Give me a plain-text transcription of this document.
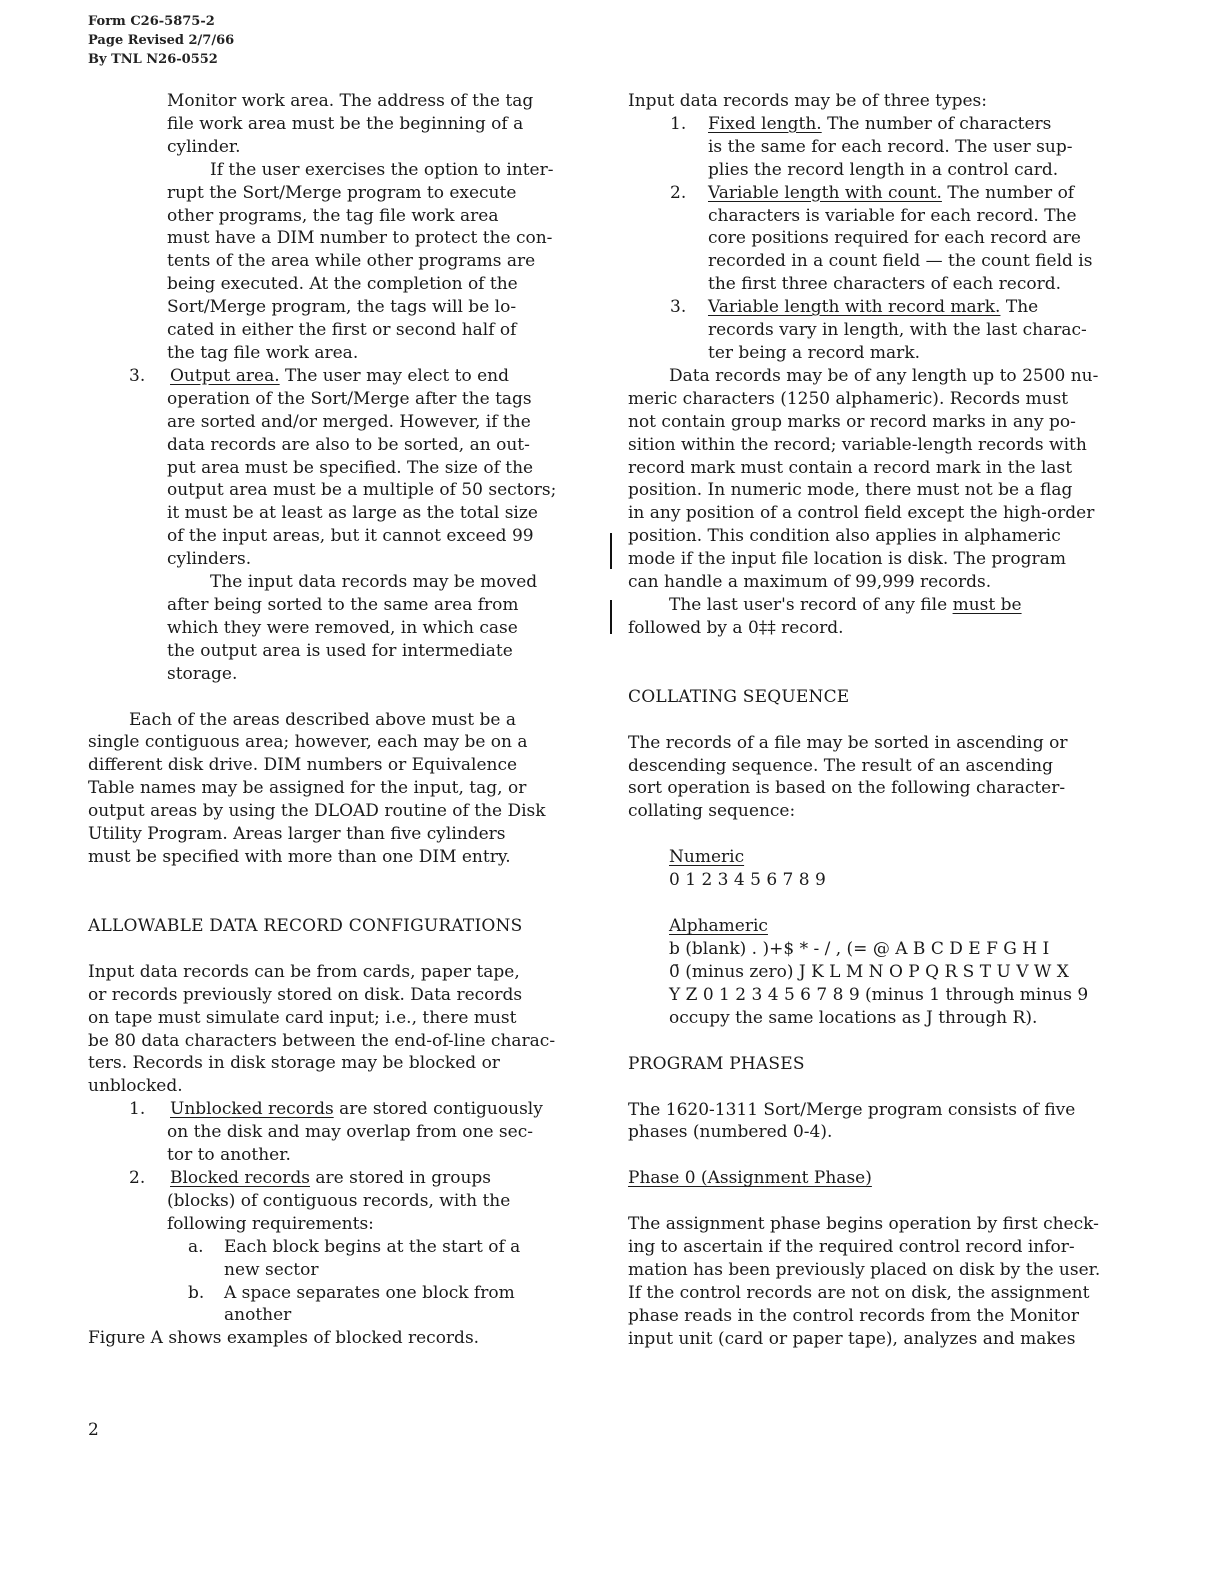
Form C26-5875-2
Page Revised 2/7/66
By TNL N26-0552

Monitor work area. The address of the tag

file work area must be the beginning of a

cylinder.

If the user exercises the option to inter-

rupt the Sort/Merge program to execute

other programs, the tag file work area

must have a DIM number to protect the con-

tents of the area while other programs are

being executed. At the completion of the

Sort/Merge program, the tags will be lo-

cated in either the first or second half of

the tag file work area.

3. Output area. The user may elect to end

operation of the Sort/Merge after the tags

are sorted and/or merged. However, if the

data records are also to be sorted, an out-

put area must be specified. The size of the

output area must be a multiple of 50 sectors;

it must be at least as large as the total size

of the input areas, but it cannot exceed 99

cylinders.

The input data records may be moved

after being sorted to the same area from

which they were removed, in which case

the output area is used for intermediate

storage.

Each of the areas described above must be a

single contiguous area; however, each may be on a

different disk drive. DIM numbers or Equivalence

Table names may be assigned for the input, tag, or

output areas by using the DLOAD routine of the Disk

Utility Program. Areas larger than five cylinders

must be specified with more than one DIM entry.

ALLOWABLE DATA RECORD CONFIGURATIONS

Input data records can be from cards, paper tape,

or records previously stored on disk. Data records

on tape must simulate card input; i.e., there must

be 80 data characters between the end-of-line charac-

ters. Records in disk storage may be blocked or

unblocked.

1. Unblocked records are stored contiguously

on the disk and may overlap from one sec-

tor to another.

2. Blocked records are stored in groups

(blocks) of contiguous records, with the

following requirements:

a. Each block begins at the start of a

new sector

b. A space separates one block from

another

Figure A shows examples of blocked records.

Input data records may be of three types:

1. Fixed length. The number of characters

is the same for each record. The user sup-

plies the record length in a control card.

2. Variable length with count. The number of

characters is variable for each record. The

core positions required for each record are

recorded in a count field — the count field is

the first three characters of each record.

3. Variable length with record mark. The

records vary in length, with the last charac-

ter being a record mark.

Data records may be of any length up to 2500 nu-

meric characters (1250 alphameric). Records must

not contain group marks or record marks in any po-

sition within the record; variable-length records with

record mark must contain a record mark in the last

position. In numeric mode, there must not be a flag

in any position of a control field except the high-order

position. This condition also applies in alphameric

mode if the input file location is disk. The program

can handle a maximum of 99,999 records.

The last user's record of any file must be

followed by a 0‡‡ record.

COLLATING SEQUENCE

The records of a file may be sorted in ascending or

descending sequence. The result of an ascending

sort operation is based on the following character-

collating sequence:

Numeric

0 1 2 3 4 5 6 7 8 9

Alphameric

b (blank) . )+$ * - / , (= @ A B C D E F G H I

0̄ (minus zero) J K L M N O P Q R S T U V W X

Y Z 0 1 2 3 4 5 6 7 8 9 (minus 1 through minus 9

occupy the same locations as J through R).

PROGRAM PHASES

The 1620-1311 Sort/Merge program consists of five

phases (numbered 0-4).

Phase 0 (Assignment Phase)

The assignment phase begins operation by first check-

ing to ascertain if the required control record infor-

mation has been previously placed on disk by the user.

If the control records are not on disk, the assignment

phase reads in the control records from the Monitor

input unit (card or paper tape), analyzes and makes

2
